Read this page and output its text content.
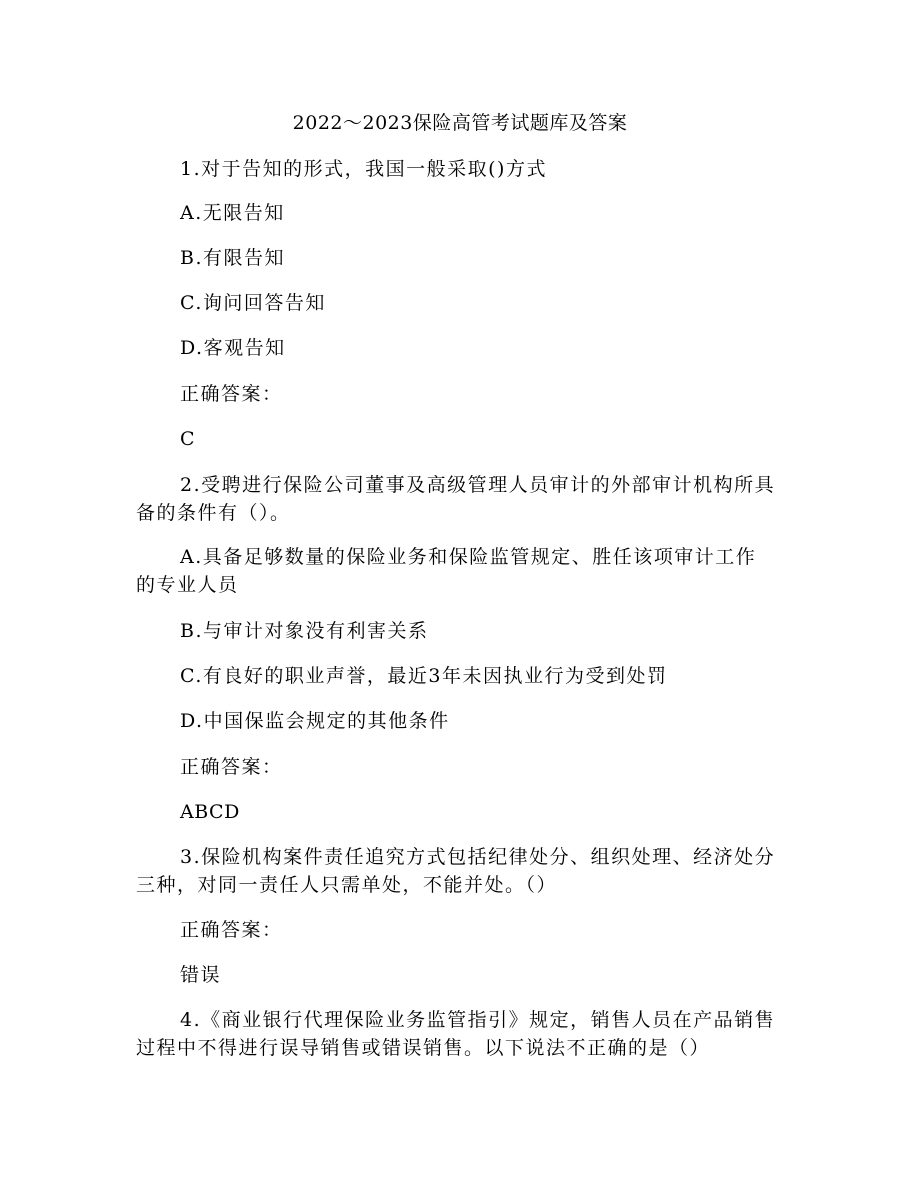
2022～2023保险高管考试题库及答案
1.对于告知的形式，我国一般采取()方式
A.无限告知
B.有限告知
C.询问回答告知
D.客观告知
正确答案：
C
2.受聘进行保险公司董事及高级管理人员审计的外部审计机构所具备的条件有（）。
A.具备足够数量的保险业务和保险监管规定、胜任该项审计工作的专业人员
B.与审计对象没有利害关系
C.有良好的职业声誉，最近3年未因执业行为受到处罚
D.中国保监会规定的其他条件
正确答案：
ABCD
3.保险机构案件责任追究方式包括纪律处分、组织处理、经济处分三种，对同一责任人只需单处，不能并处。（）
正确答案：
错误
4.《商业银行代理保险业务监管指引》规定，销售人员在产品销售过程中不得进行误导销售或错误销售。以下说法不正确的是（）
